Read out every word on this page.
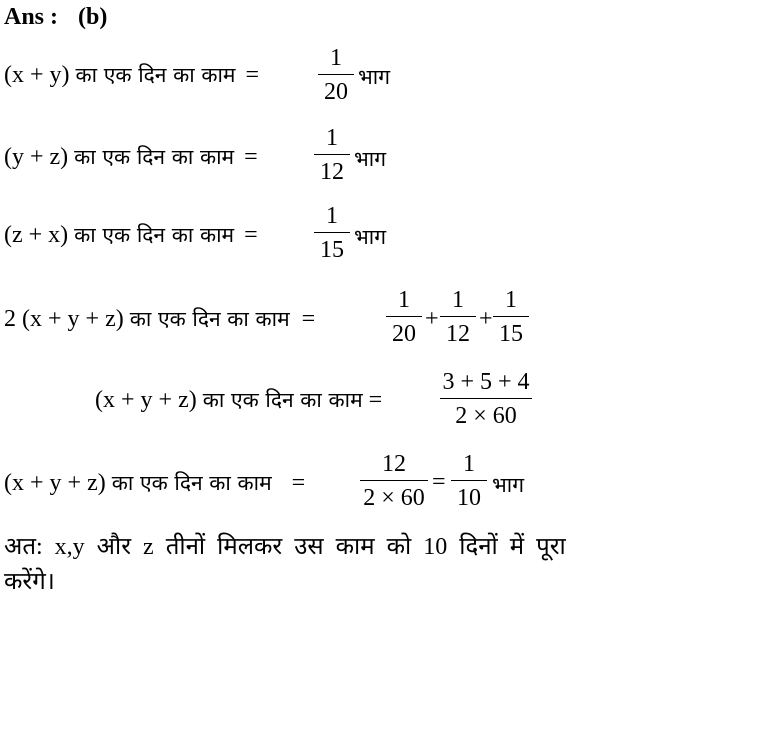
Ans : (b)
(x + y) का एक दिन का काम =
1
20
भाग
(y + z) का एक दिन का काम =
1
12 भाग
(z + x) का एक दिन का काम =
1
15 भाग
2 (x + y + z) का एक दिन का काम =
1
20
+
1
12
+
1
15
(x + y + z) का एक दिन का काम =
3 + 5 + 4
2 × 60
(x + y + z) का एक दिन का काम =
12
2 × 60
=
1
10 भाग
अत: x,y और z तीनों मिलकर उस काम को 10 दिनों में पूरा
करेंगे।
